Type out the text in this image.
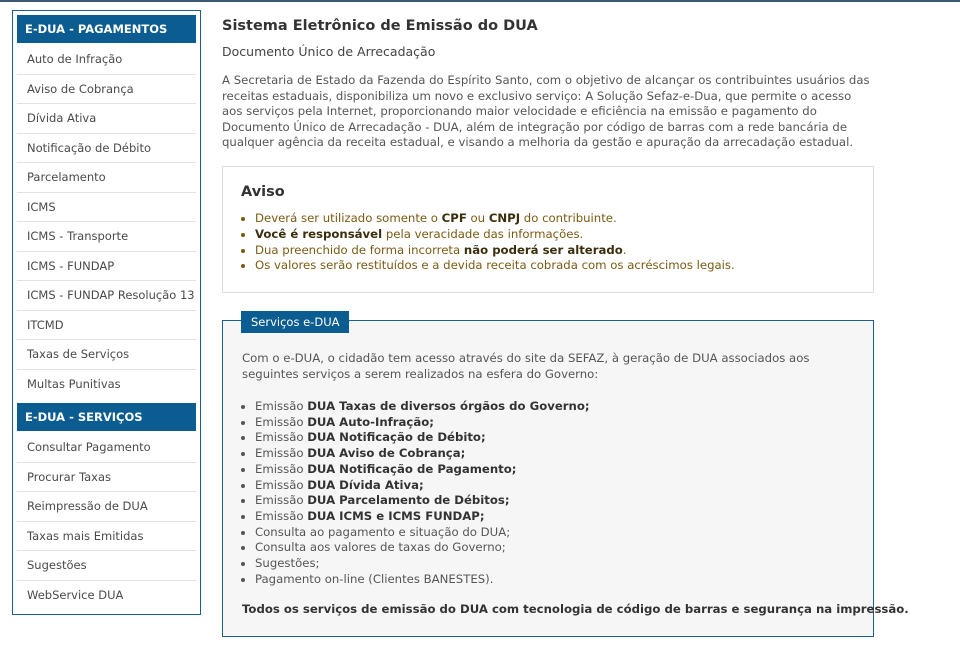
E-DUA - PAGAMENTOS
Auto de Infração
Aviso de Cobrança
Dívida Ativa
Notificação de Débito
Parcelamento
ICMS
ICMS - Transporte
ICMS - FUNDAP
ICMS - FUNDAP Resolução 13
ITCMD
Taxas de Serviços
Multas Punitivas
E-DUA - SERVIÇOS
Consultar Pagamento
Procurar Taxas
Reimpressão de DUA
Taxas mais Emitidas
Sugestões
WebService DUA
Sistema Eletrônico de Emissão do DUA
Documento Único de Arrecadação
A Secretaria de Estado da Fazenda do Espírito Santo, com o objetivo de alcançar os contribuintes usuários das receitas estaduais, disponibiliza um novo e exclusivo serviço: A Solução Sefaz-e-Dua, que permite o acesso aos serviços pela Internet, proporcionando maior velocidade e eficiência na emissão e pagamento do Documento Único de Arrecadação - DUA, além de integração por código de barras com a rede bancária de qualquer agência da receita estadual, e visando a melhoria da gestão e apuração da arrecadação estadual.
Aviso
• Deverá ser utilizado somente o CPF ou CNPJ do contribuinte.
• Você é responsável pela veracidade das informações.
• Dua preenchido de forma incorreta não poderá ser alterado.
• Os valores serão restituídos e a devida receita cobrada com os acréscimos legais.
Serviços e-DUA
Com o e-DUA, o cidadão tem acesso através do site da SEFAZ, à geração de DUA associados aos seguintes serviços a serem realizados na esfera do Governo:
• Emissão DUA Taxas de diversos órgãos do Governo;
• Emissão DUA Auto-Infração;
• Emissão DUA Notificação de Débito;
• Emissão DUA Aviso de Cobrança;
• Emissão DUA Notificação de Pagamento;
• Emissão DUA Dívida Ativa;
• Emissão DUA Parcelamento de Débitos;
• Emissão DUA ICMS e ICMS FUNDAP;
• Consulta ao pagamento e situação do DUA;
• Consulta aos valores de taxas do Governo;
• Sugestões;
• Pagamento on-line (Clientes BANESTES).
Todos os serviços de emissão do DUA com tecnologia de código de barras e segurança na impressão.
